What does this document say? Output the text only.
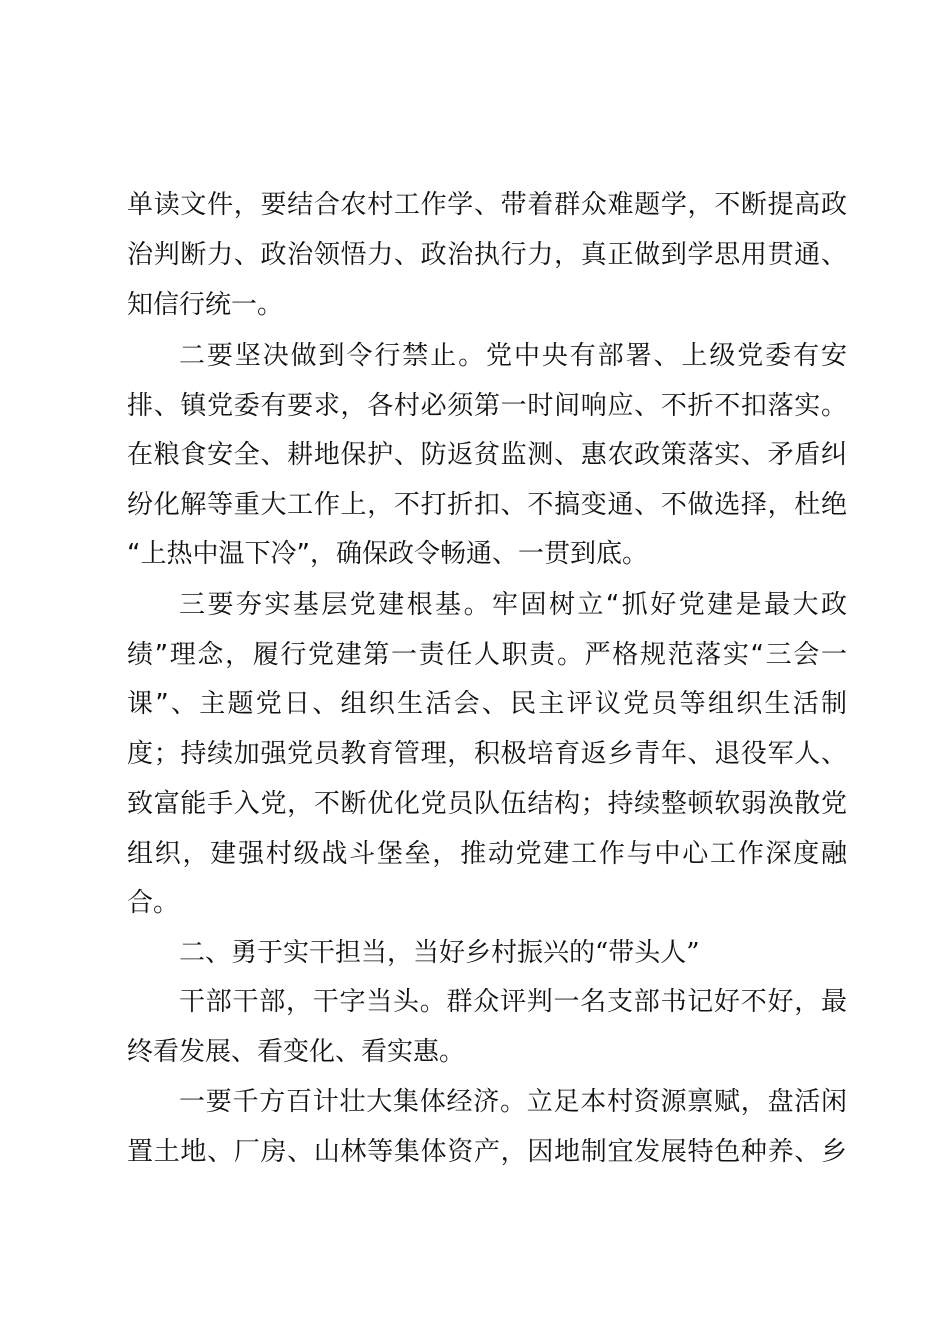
单读文件，要结合农村工作学、带着群众难题学，不断提高政
治判断力、政治领悟力、政治执行力，真正做到学思用贯通、
知信行统一。
二要坚决做到令行禁止。党中央有部署、上级党委有安
排、镇党委有要求，各村必须第一时间响应、不折不扣落实。
在粮食安全、耕地保护、防返贫监测、惠农政策落实、矛盾纠
纷化解等重大工作上，不打折扣、不搞变通、不做选择，杜绝
“上热中温下冷”，确保政令畅通、一贯到底。
三要夯实基层党建根基。牢固树立“抓好党建是最大政
绩”理念，履行党建第一责任人职责。严格规范落实“三会一
课”、主题党日、组织生活会、民主评议党员等组织生活制
度；持续加强党员教育管理，积极培育返乡青年、退役军人、
致富能手入党，不断优化党员队伍结构；持续整顿软弱涣散党
组织，建强村级战斗堡垒，推动党建工作与中心工作深度融
合。
二、勇于实干担当，当好乡村振兴的“带头人”
干部干部，干字当头。群众评判一名支部书记好不好，最
终看发展、看变化、看实惠。
一要千方百计壮大集体经济。立足本村资源禀赋，盘活闲
置土地、厂房、山林等集体资产，因地制宜发展特色种养、乡
